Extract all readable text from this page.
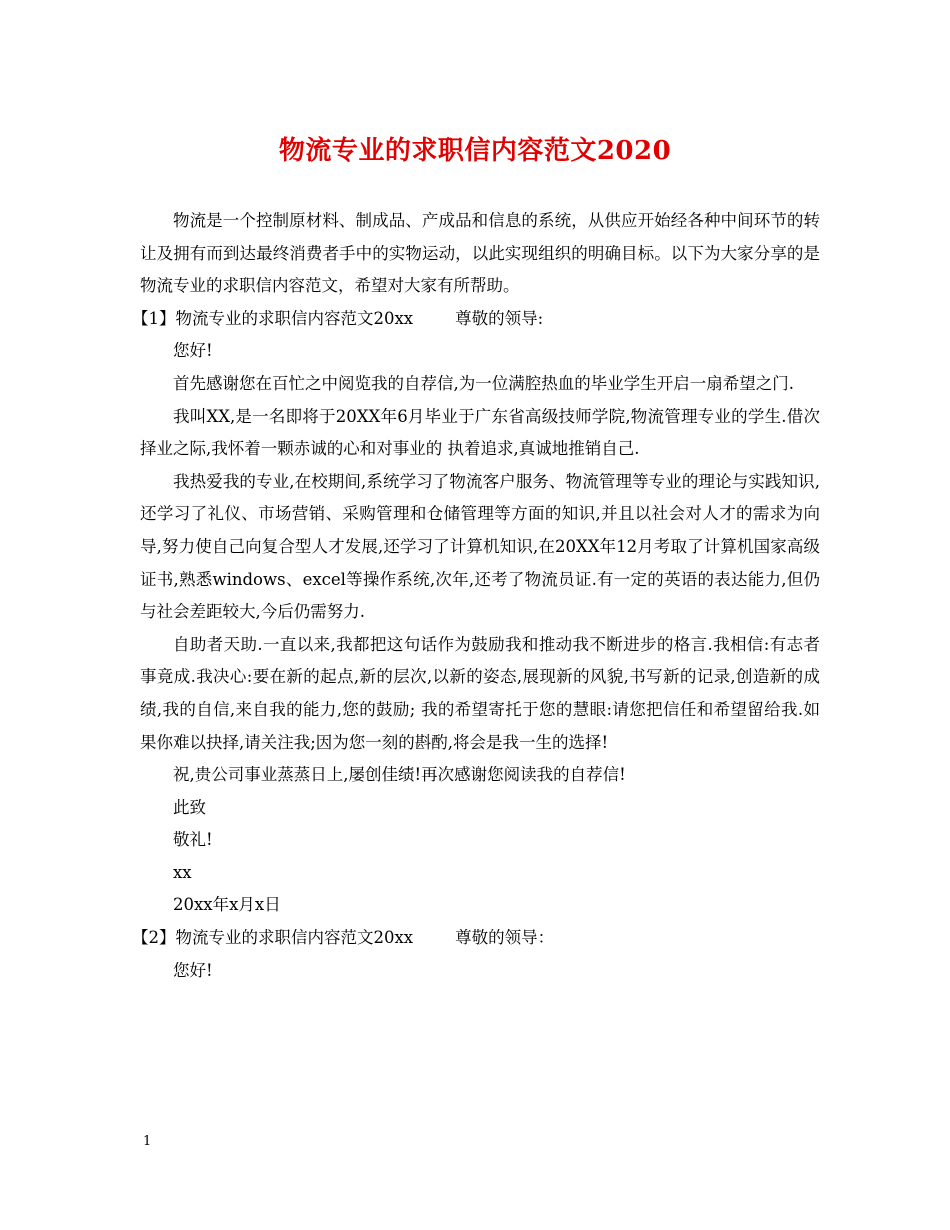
物流专业的求职信内容范文2020

物流是一个控制原材料、制成品、产成品和信息的系统，从供应开始经各种中间环节的转让及拥有而到达最终消费者手中的实物运动，以此实现组织的明确目标。以下为大家分享的是物流专业的求职信内容范文，希望对大家有所帮助。

【1】物流专业的求职信内容范文20xx	尊敬的领导:

您好!

首先感谢您在百忙之中阅览我的自荐信,为一位满腔热血的毕业学生开启一扇希望之门.

我叫XX,是一名即将于20XX年6月毕业于广东省高级技师学院,物流管理专业的学生.借次择业之际,我怀着一颗赤诚的心和对事业的 执着追求,真诚地推销自己.

我热爱我的专业,在校期间,系统学习了物流客户服务、物流管理等专业的理论与实践知识,还学习了礼仪、市场营销、采购管理和仓储管理等方面的知识,并且以社会对人才的需求为向导,努力使自己向复合型人才发展,还学习了计算机知识,在20XX年12月考取了计算机国家高级证书,熟悉windows、excel等操作系统,次年,还考了物流员证.有一定的英语的表达能力,但仍与社会差距较大,今后仍需努力.

自助者天助.一直以来,我都把这句话作为鼓励我和推动我不断进步的格言.我相信:有志者事竟成.我决心:要在新的起点,新的层次,以新的姿态,展现新的风貌,书写新的记录,创造新的成绩,我的自信,来自我的能力,您的鼓励; 我的希望寄托于您的慧眼:请您把信任和希望留给我.如果你难以抉择,请关注我;因为您一刻的斟酌,将会是我一生的选择!

祝,贵公司事业蒸蒸日上,屡创佳绩!再次感谢您阅读我的自荐信!

此致

敬礼!

xx

20xx年x月x日

【2】物流专业的求职信内容范文20xx	尊敬的领导：

您好!

1
